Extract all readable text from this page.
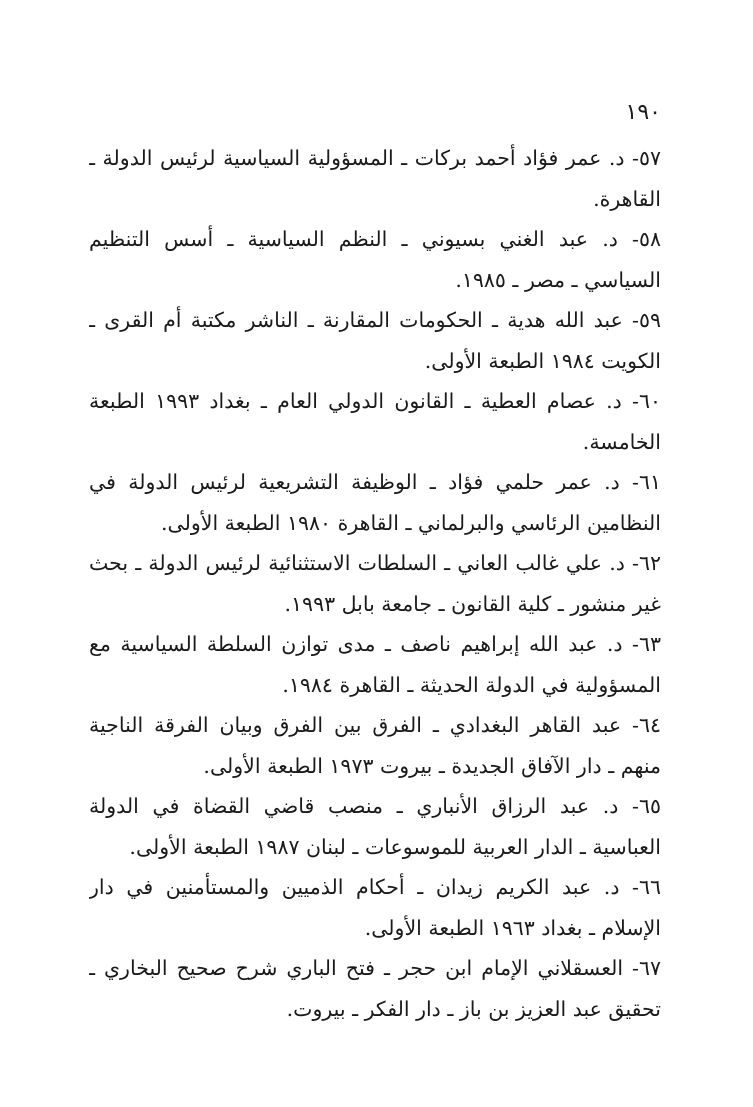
١٩٠

٥٧- د. عمر فؤاد أحمد بركات ـ المسؤولية السياسية لرئيس الدولة ـ القاهرة.
٥٨- د. عبد الغني بسيوني ـ النظم السياسية ـ أسس التنظيم السياسي ـ مصر ـ ١٩٨٥.
٥٩- عبد الله هدية ـ الحكومات المقارنة ـ الناشر مكتبة أم القرى ـ الكويت ١٩٨٤ الطبعة الأولى.
٦٠- د. عصام العطية ـ القانون الدولي العام ـ بغداد ١٩٩٣ الطبعة الخامسة.
٦١- د. عمر حلمي فؤاد ـ الوظيفة التشريعية لرئيس الدولة في النظامين الرئاسي والبرلماني ـ القاهرة ١٩٨٠ الطبعة الأولى.
٦٢- د. علي غالب العاني ـ السلطات الاستثنائية لرئيس الدولة ـ بحث غير منشور ـ كلية القانون ـ جامعة بابل ١٩٩٣.
٦٣- د. عبد الله إبراهيم ناصف ـ مدى توازن السلطة السياسية مع المسؤولية في الدولة الحديثة ـ القاهرة ١٩٨٤.
٦٤- عبد القاهر البغدادي ـ الفرق بين الفرق وبيان الفرقة الناجية منهم ـ دار الآفاق الجديدة ـ بيروت ١٩٧٣ الطبعة الأولى.
٦٥- د. عبد الرزاق الأنباري ـ منصب قاضي القضاة في الدولة العباسية ـ الدار العربية للموسوعات ـ لبنان ١٩٨٧ الطبعة الأولى.
٦٦- د. عبد الكريم زيدان ـ أحكام الذميين والمستأمنين في دار الإسلام ـ بغداد ١٩٦٣ الطبعة الأولى.
٦٧- العسقلاني الإمام ابن حجر ـ فتح الباري شرح صحيح البخاري ـ تحقيق عبد العزيز بن باز ـ دار الفكر ـ بيروت.
